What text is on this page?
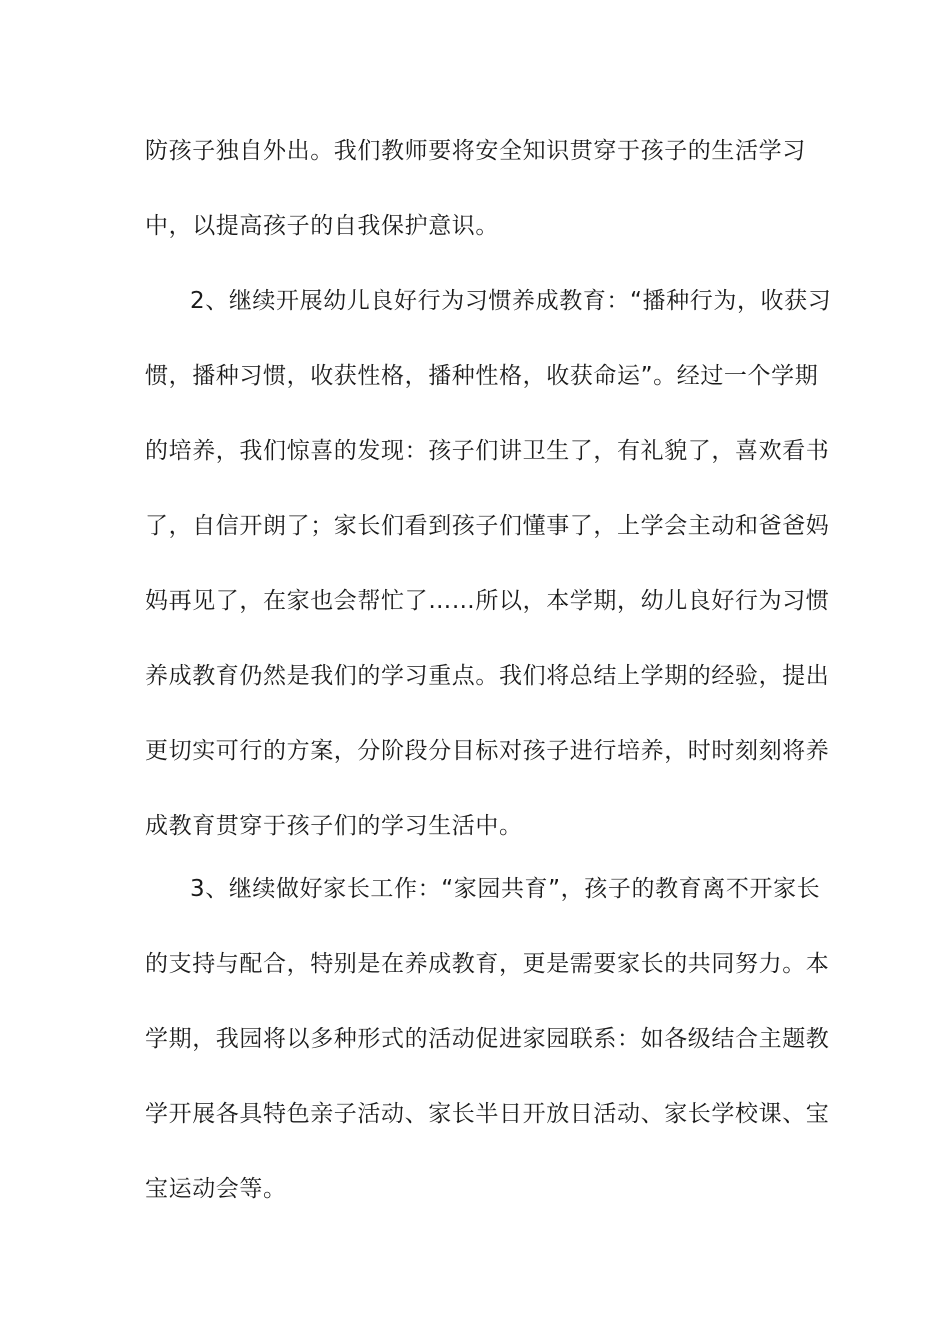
防孩子独自外出。我们教师要将安全知识贯穿于孩子的生活学习
中，以提高孩子的自我保护意识。
2、继续开展幼儿良好行为习惯养成教育：“播种行为，收获习
惯，播种习惯，收获性格，播种性格，收获命运”。经过一个学期
的培养，我们惊喜的发现：孩子们讲卫生了，有礼貌了，喜欢看书
了，自信开朗了；家长们看到孩子们懂事了，上学会主动和爸爸妈
妈再见了，在家也会帮忙了……所以，本学期，幼儿良好行为习惯
养成教育仍然是我们的学习重点。我们将总结上学期的经验，提出
更切实可行的方案，分阶段分目标对孩子进行培养，时时刻刻将养
成教育贯穿于孩子们的学习生活中。
3、继续做好家长工作：“家园共育”，孩子的教育离不开家长
的支持与配合，特别是在养成教育，更是需要家长的共同努力。本
学期，我园将以多种形式的活动促进家园联系：如各级结合主题教
学开展各具特色亲子活动、家长半日开放日活动、家长学校课、宝
宝运动会等。
